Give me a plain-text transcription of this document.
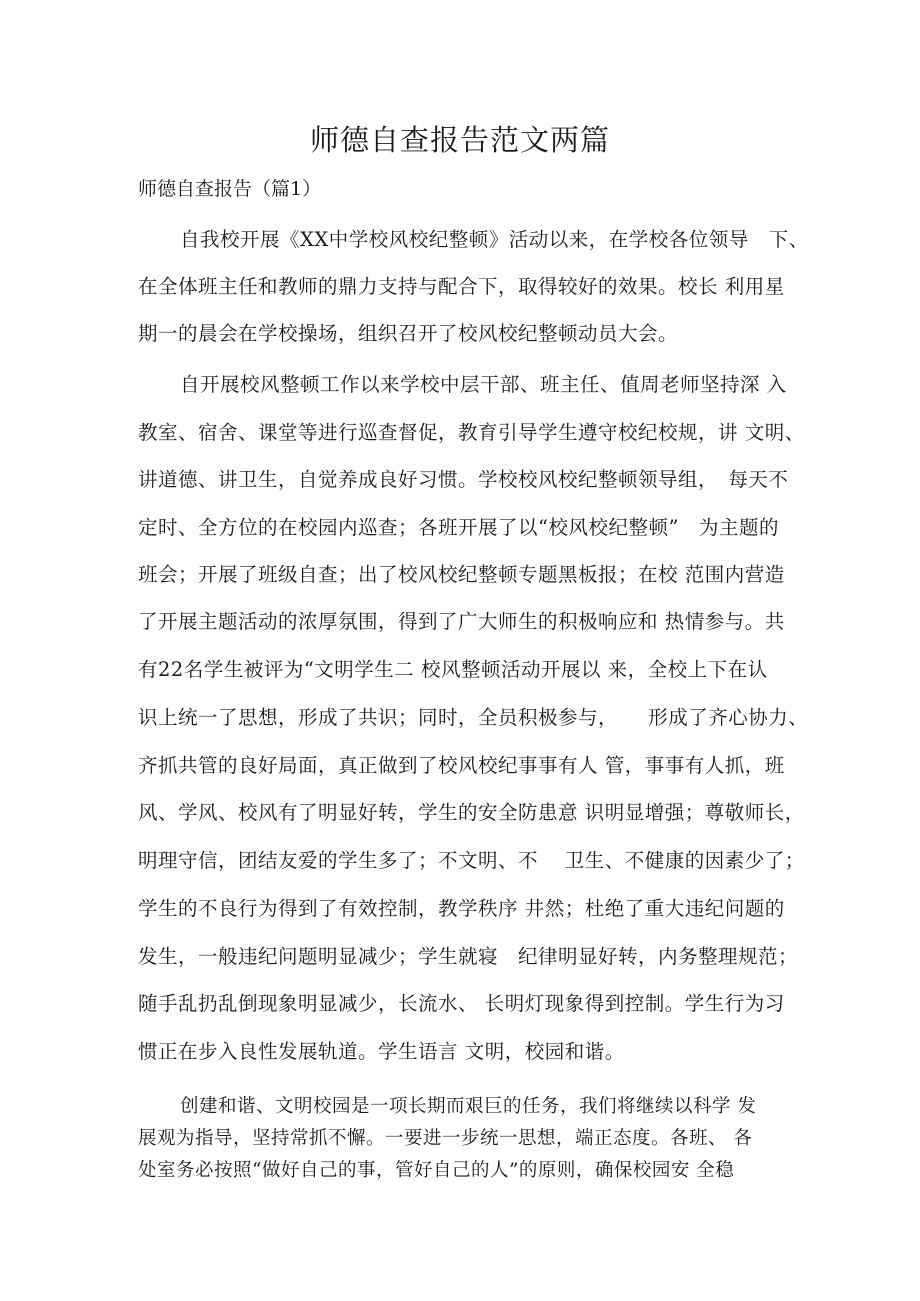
师德自查报告范文两篇
师德自查报告（篇1）

自我校开展《XX中学校风校纪整顿》活动以来，在学校各位领导　下、

在全体班主任和教师的鼎力支持与配合下，取得较好的效果。校长 利用星

期一的晨会在学校操场，组织召开了校风校纪整顿动员大会。

自开展校风整顿工作以来学校中层干部、班主任、值周老师坚持深 入

教室、宿舍、课堂等进行巡查督促，教育引导学生遵守校纪校规，讲 文明、

讲道德、讲卫生，自觉养成良好习惯。学校校风校纪整顿领导组，　每天不

定时、全方位的在校园内巡查；各班开展了以“校风校纪整顿”　为主题的

班会；开展了班级自查；出了校风校纪整顿专题黑板报；在校 范围内营造

了开展主题活动的浓厚氛围，得到了广大师生的积极响应和 热情参与。共

有22名学生被评为“文明学生二 校风整顿活动开展以 来，全校上下在认

识上统一了思想，形成了共识；同时，全员积极参与，　　形成了齐心协力、

齐抓共管的良好局面，真正做到了校风校纪事事有人 管，事事有人抓，班

风、学风、校风有了明显好转，学生的安全防患意 识明显增强；尊敬师长，

明理守信，团结友爱的学生多了；不文明、不　 卫生、不健康的因素少了；

学生的不良行为得到了有效控制，教学秩序 井然；杜绝了重大违纪问题的

发生，一般违纪问题明显减少；学生就寝　纪律明显好转，内务整理规范；

随手乱扔乱倒现象明显减少，长流水、 长明灯现象得到控制。学生行为习

惯正在步入良性发展轨道。学生语言 文明，校园和谐。

创建和谐、文明校园是一项长期而艰巨的任务，我们将继续以科学 发

展观为指导，坚持常抓不懈。一要进一步统一思想，端正态度。各班、 各

处室务必按照“做好自己的事，管好自己的人”的原则，确保校园安 全稳
